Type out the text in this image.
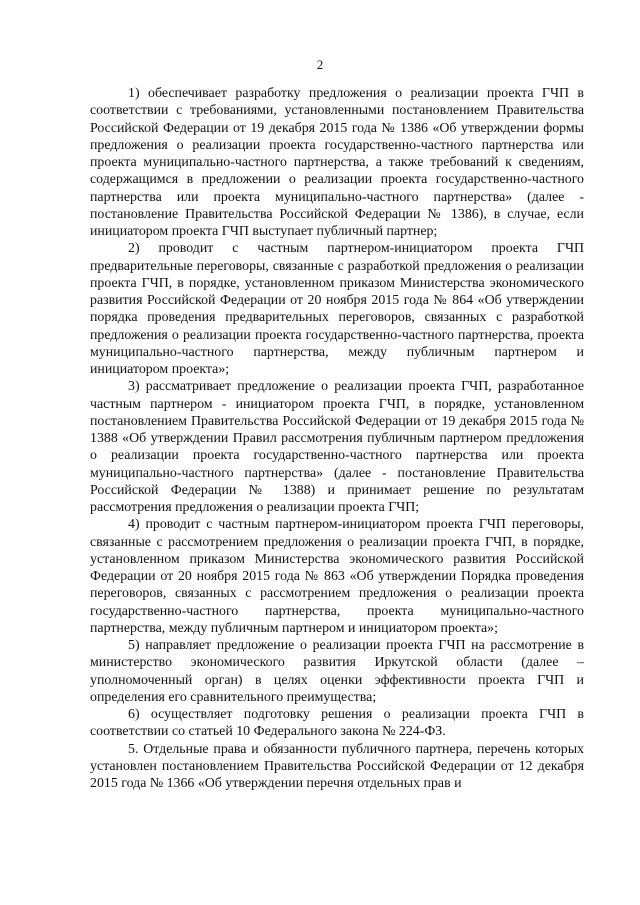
2

1) обеспечивает разработку предложения о реализации проекта ГЧП в соответствии с требованиями, установленными постановлением Правительства Российской Федерации от 19 декабря 2015 года № 1386 «Об утверждении формы предложения о реализации проекта государственно-частного партнерства или проекта муниципально-частного партнерства, а также требований к сведениям, содержащимся в предложении о реализации проекта государственно-частного партнерства или проекта муниципально-частного партнерства» (далее - постановление Правительства Российской Федерации № 1386), в случае, если инициатором проекта ГЧП выступает публичный партнер;

2) проводит с частным партнером-инициатором проекта ГЧП предварительные переговоры, связанные с разработкой предложения о реализации проекта ГЧП, в порядке, установленном приказом Министерства экономического развития Российской Федерации от 20 ноября 2015 года № 864 «Об утверждении порядка проведения предварительных переговоров, связанных с разработкой предложения о реализации проекта государственно-частного партнерства, проекта муниципально-частного партнерства, между публичным партнером и инициатором проекта»;

3) рассматривает предложение о реализации проекта ГЧП, разработанное частным партнером - инициатором проекта ГЧП, в порядке, установленном постановлением Правительства Российской Федерации от 19 декабря 2015 года № 1388 «Об утверждении Правил рассмотрения публичным партнером предложения о реализации проекта государственно-частного партнерства или проекта муниципально-частного партнерства» (далее - постановление Правительства Российской Федерации № 1388) и принимает решение по результатам рассмотрения предложения о реализации проекта ГЧП;

4) проводит с частным партнером-инициатором проекта ГЧП переговоры, связанные с рассмотрением предложения о реализации проекта ГЧП, в порядке, установленном приказом Министерства экономического развития Российской Федерации от 20 ноября 2015 года № 863 «Об утверждении Порядка проведения переговоров, связанных с рассмотрением предложения о реализации проекта государственно-частного партнерства, проекта муниципально-частного партнерства, между публичным партнером и инициатором проекта»;

5) направляет предложение о реализации проекта ГЧП на рассмотрение в министерство экономического развития Иркутской области (далее – уполномоченный орган) в целях оценки эффективности проекта ГЧП и определения его сравнительного преимущества;

6) осуществляет подготовку решения о реализации проекта ГЧП в соответствии со статьей 10 Федерального закона № 224-ФЗ.

5. Отдельные права и обязанности публичного партнера, перечень которых установлен постановлением Правительства Российской Федерации от 12 декабря 2015 года № 1366 «Об утверждении перечня отдельных прав и
